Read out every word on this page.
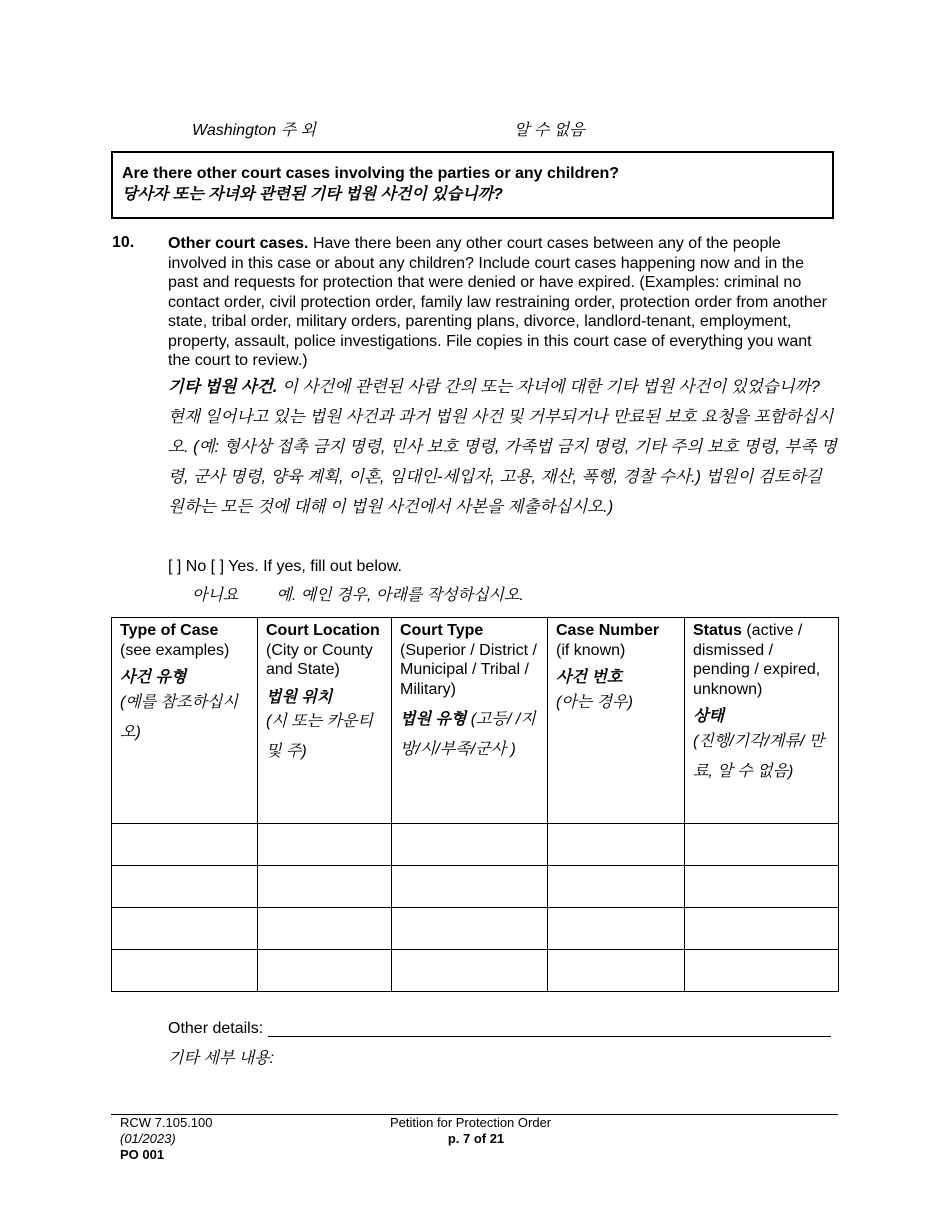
Washington 주 외	알 수 없음
Are there other court cases involving the parties or any children?
당사자 또는 자녀와 관련된 기타 법원 사건이 있습니까?
10. Other court cases. Have there been any other court cases between any of the people involved in this case or about any children? Include court cases happening now and in the past and requests for protection that were denied or have expired. (Examples: criminal no contact order, civil protection order, family law restraining order, protection order from another state, tribal order, military orders, parenting plans, divorce, landlord-tenant, employment, property, assault, police investigations. File copies in this court case of everything you want the court to review.)
기타 법원 사건. 이 사건에 관련된 사람 간의 또는 자녀에 대한 기타 법원 사건이 있었습니까? 현재 일어나고 있는 법원 사건과 과거 법원 사건 및 거부되거나 만료된 보호 요청을 포함하십시오. (예: 형사상 접촉 금지 명령, 민사 보호 명령, 가족법 금지 명령, 기타 주의 보호 명령, 부족 명령, 군사 명령, 양육 계획, 이혼, 임대인-세입자, 고용, 재산, 폭행, 경찰 수사.) 법원이 검토하길 원하는 모든 것에 대해 이 법원 사건에서 사본을 제출하십시오.)
[ ] No [ ] Yes. If yes, fill out below.
아니요 예. 예인 경우, 아래를 작성하십시오.
Type of Case
(see examples)
사건 유형
(예를 참조하십시오)	Court Location
(City or County and State)
법원 위치
(시 또는 카운티 및 주)	Court Type
(Superior / District / Municipal / Tribal / Military)
법원 유형 (고등/ /지방/시/부족/군사 )	Case Number
(if known)
사건 번호
(아는 경우)	Status (active / dismissed / pending / expired, unknown)
상태
(진행/기각/계류/ 만료, 알 수 없음)

Other details:
기타 세부 내용:
RCW 7.105.100
(01/2023)
PO 001
Petition for Protection Order
p. 7 of 21
